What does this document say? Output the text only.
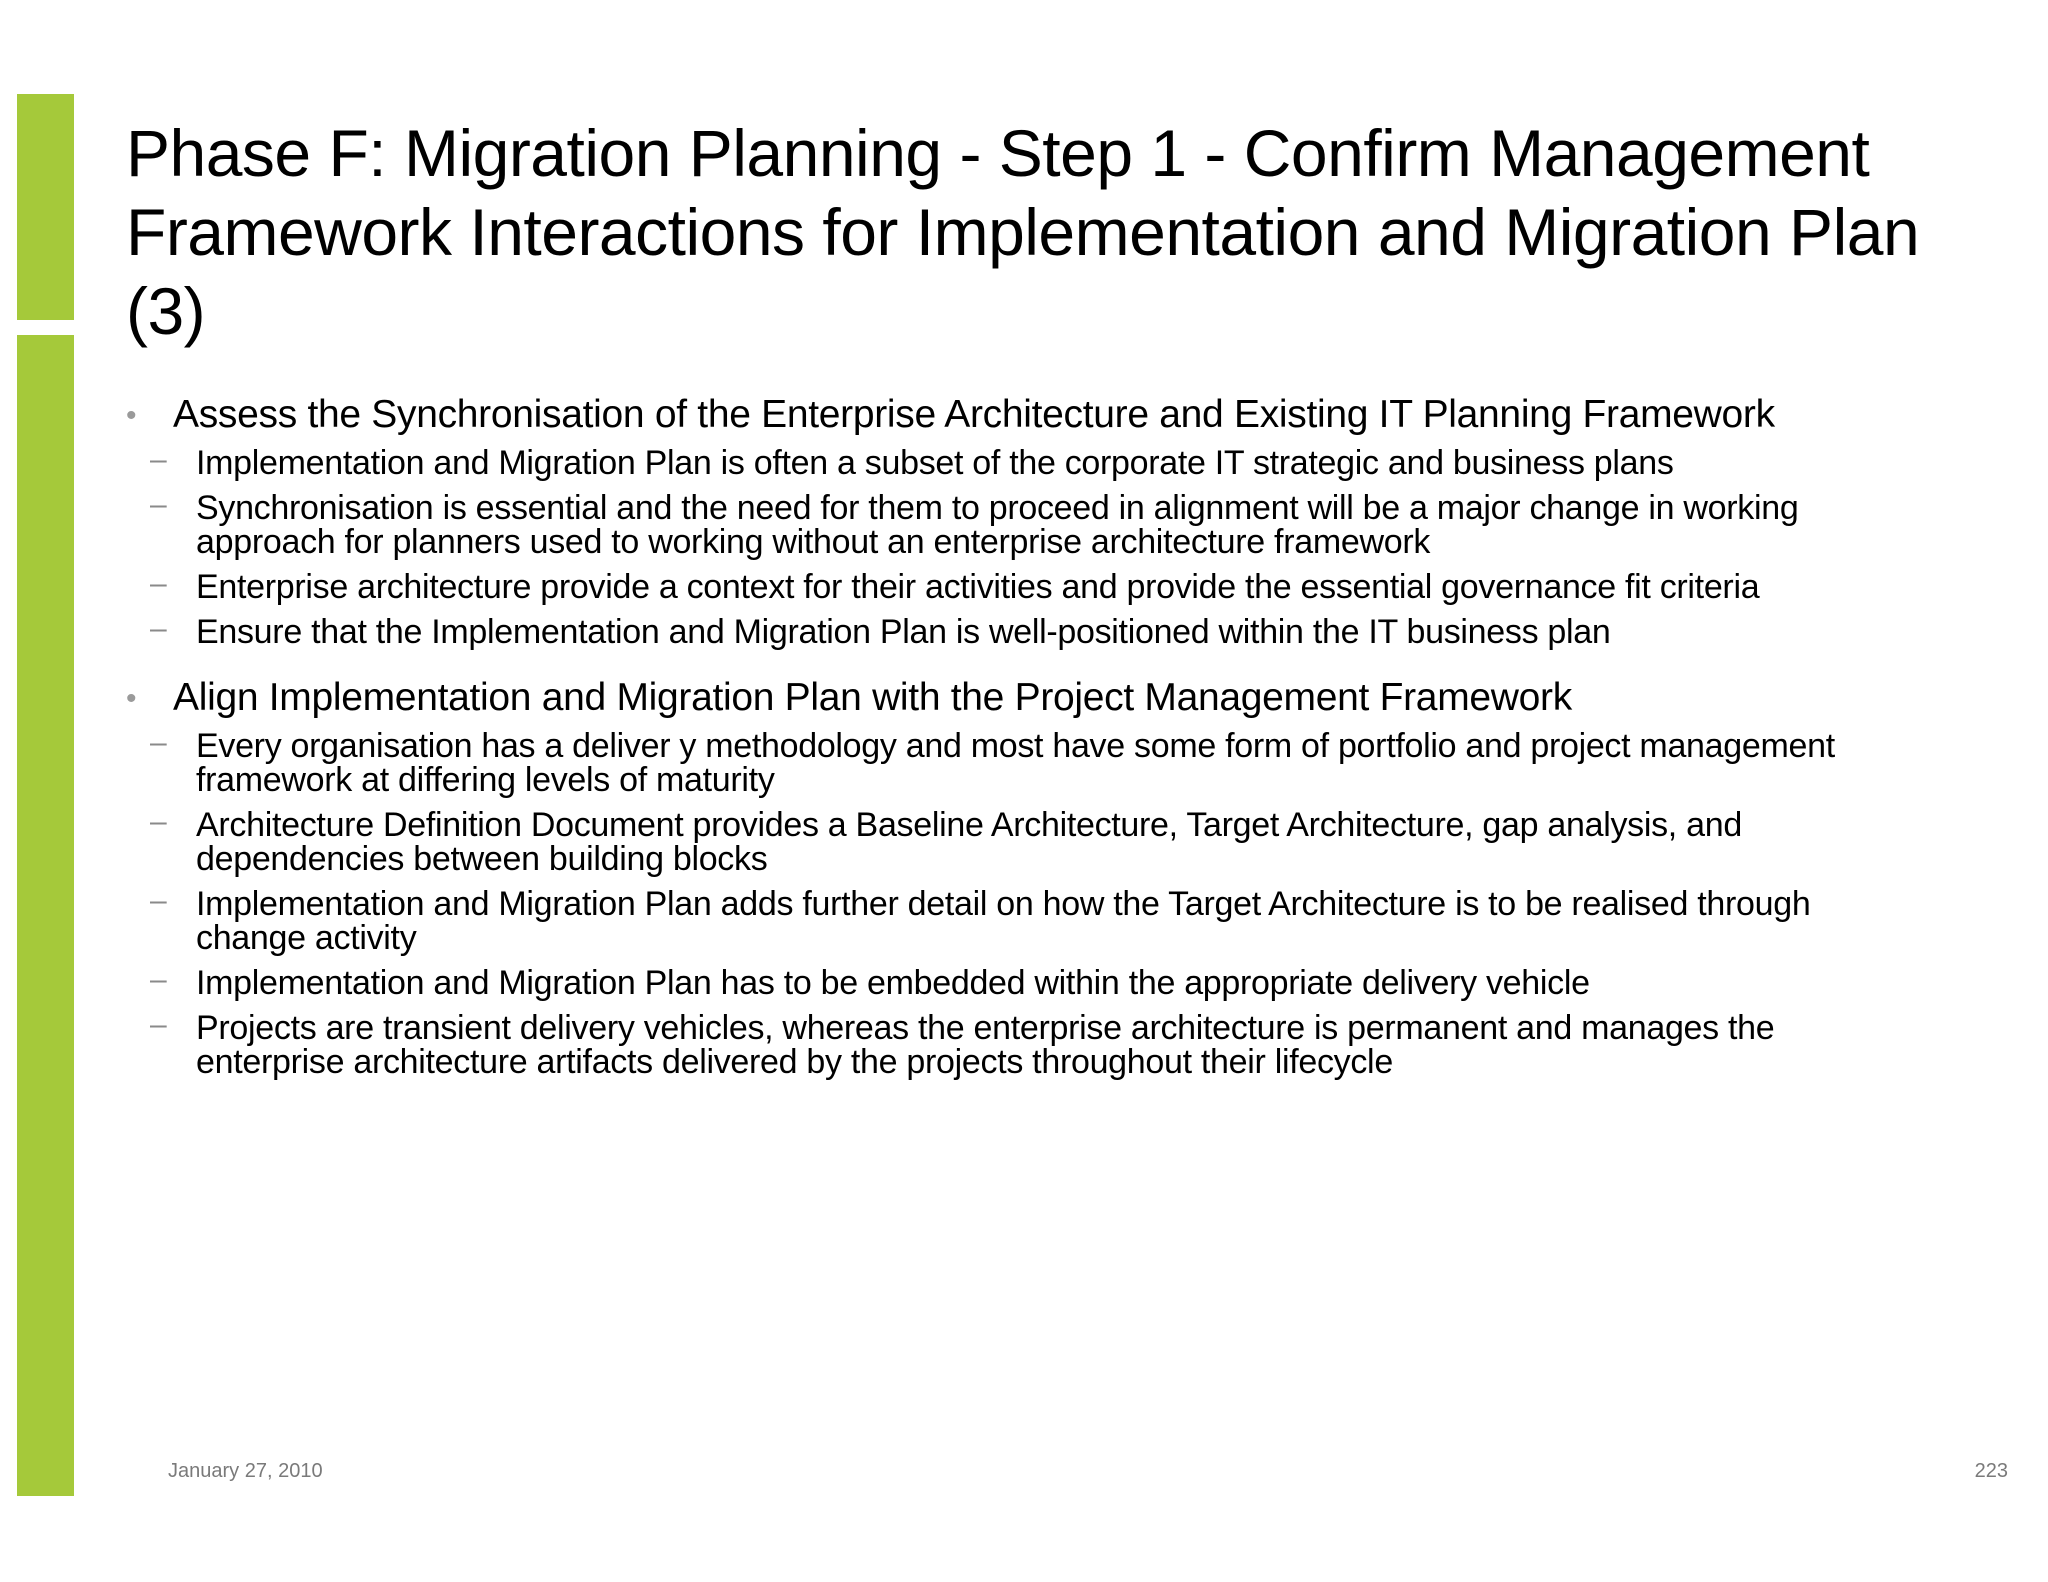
Phase F: Migration Planning - Step 1 - Confirm Management Framework Interactions for Implementation and Migration Plan (3)
• Assess the Synchronisation of the Enterprise Architecture and Existing IT Planning Framework
– Implementation and Migration Plan is often a subset of the corporate IT strategic and business plans
– Synchronisation is essential and the need for them to proceed in alignment will be a major change in working approach for planners used to working without an enterprise architecture framework
– Enterprise architecture provide a context for their activities and provide the essential governance fit criteria
– Ensure that the Implementation and Migration Plan is well-positioned within the IT business plan
• Align Implementation and Migration Plan with the Project Management Framework
– Every organisation has a deliver y methodology and most have some form of portfolio and project management framework at differing levels of maturity
– Architecture Definition Document provides a Baseline Architecture, Target Architecture, gap analysis, and dependencies between building blocks
– Implementation and Migration Plan adds further detail on how the Target Architecture is to be realised through change activity
– Implementation and Migration Plan has to be embedded within the appropriate delivery vehicle
– Projects are transient delivery vehicles, whereas the enterprise architecture is permanent and manages the enterprise architecture artifacts delivered by the projects throughout their lifecycle
January 27, 2010	223
